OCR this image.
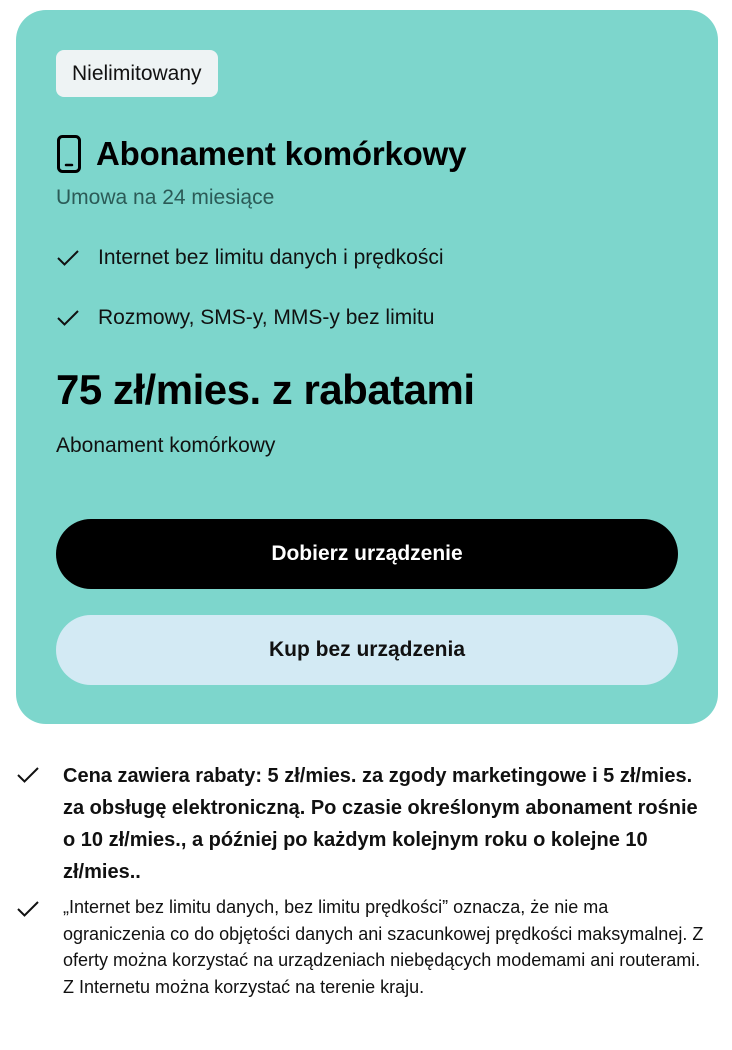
Nielimitowany
Abonament komórkowy
Umowa na 24 miesiące
Internet bez limitu danych i prędkości
Rozmowy, SMS-y, MMS-y bez limitu
75 zł/mies. z rabatami
Abonament komórkowy
Dobierz urządzenie
Kup bez urządzenia
Cena zawiera rabaty: 5 zł/mies. za zgody marketingowe i 5 zł/mies. za obsługę elektroniczną. Po czasie określonym abonament rośnie o 10 zł/mies., a później po każdym kolejnym roku o kolejne 10 zł/mies..
„Internet bez limitu danych, bez limitu prędkości” oznacza, że nie ma ograniczenia co do objętości danych ani szacunkowej prędkości maksymalnej. Z oferty można korzystać na urządzeniach niebędących modemami ani routerami. Z Internetu można korzystać na terenie kraju.
